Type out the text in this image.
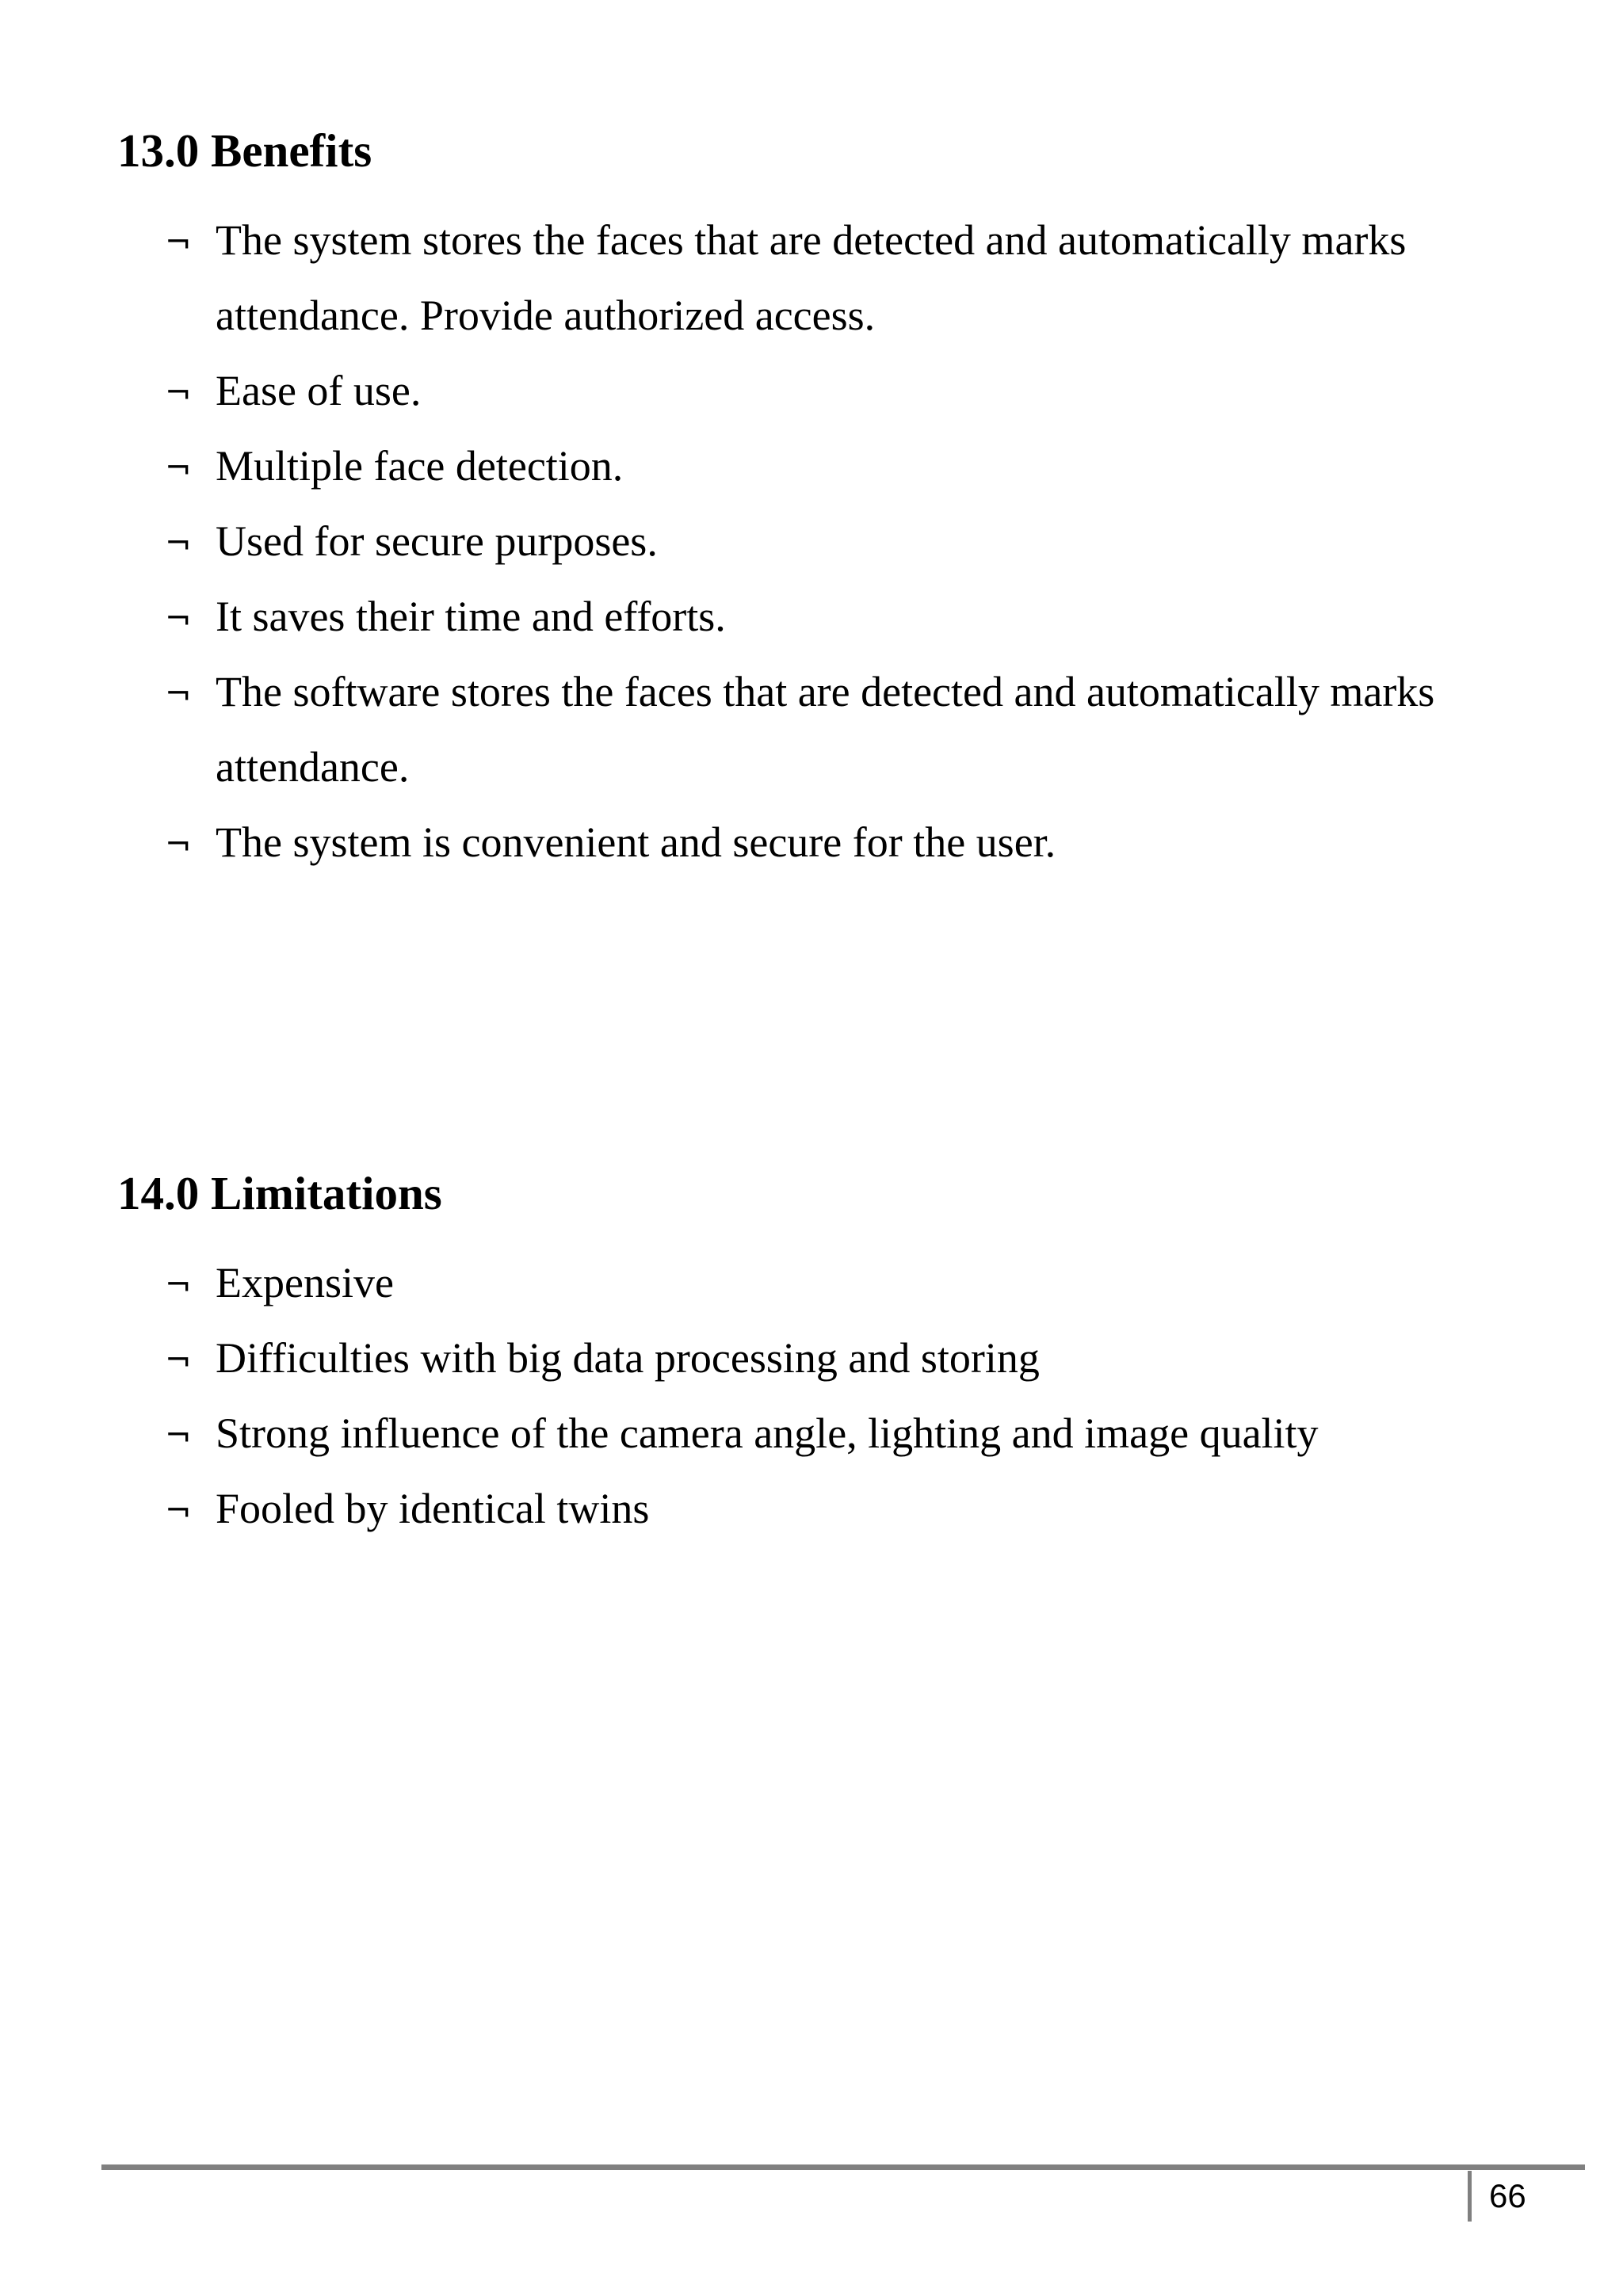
13.0 Benefits
¬ The system stores the faces that are detected and automatically marks attendance. Provide authorized access.
¬ Ease of use.
¬ Multiple face detection.
¬ Used for secure purposes.
¬ It saves their time and efforts.
¬ The software stores the faces that are detected and automatically marks attendance.
¬ The system is convenient and secure for the user.
14.0 Limitations
¬ Expensive
¬ Difficulties with big data processing and storing
¬ Strong influence of the camera angle, lighting and image quality
¬ Fooled by identical twins
66
